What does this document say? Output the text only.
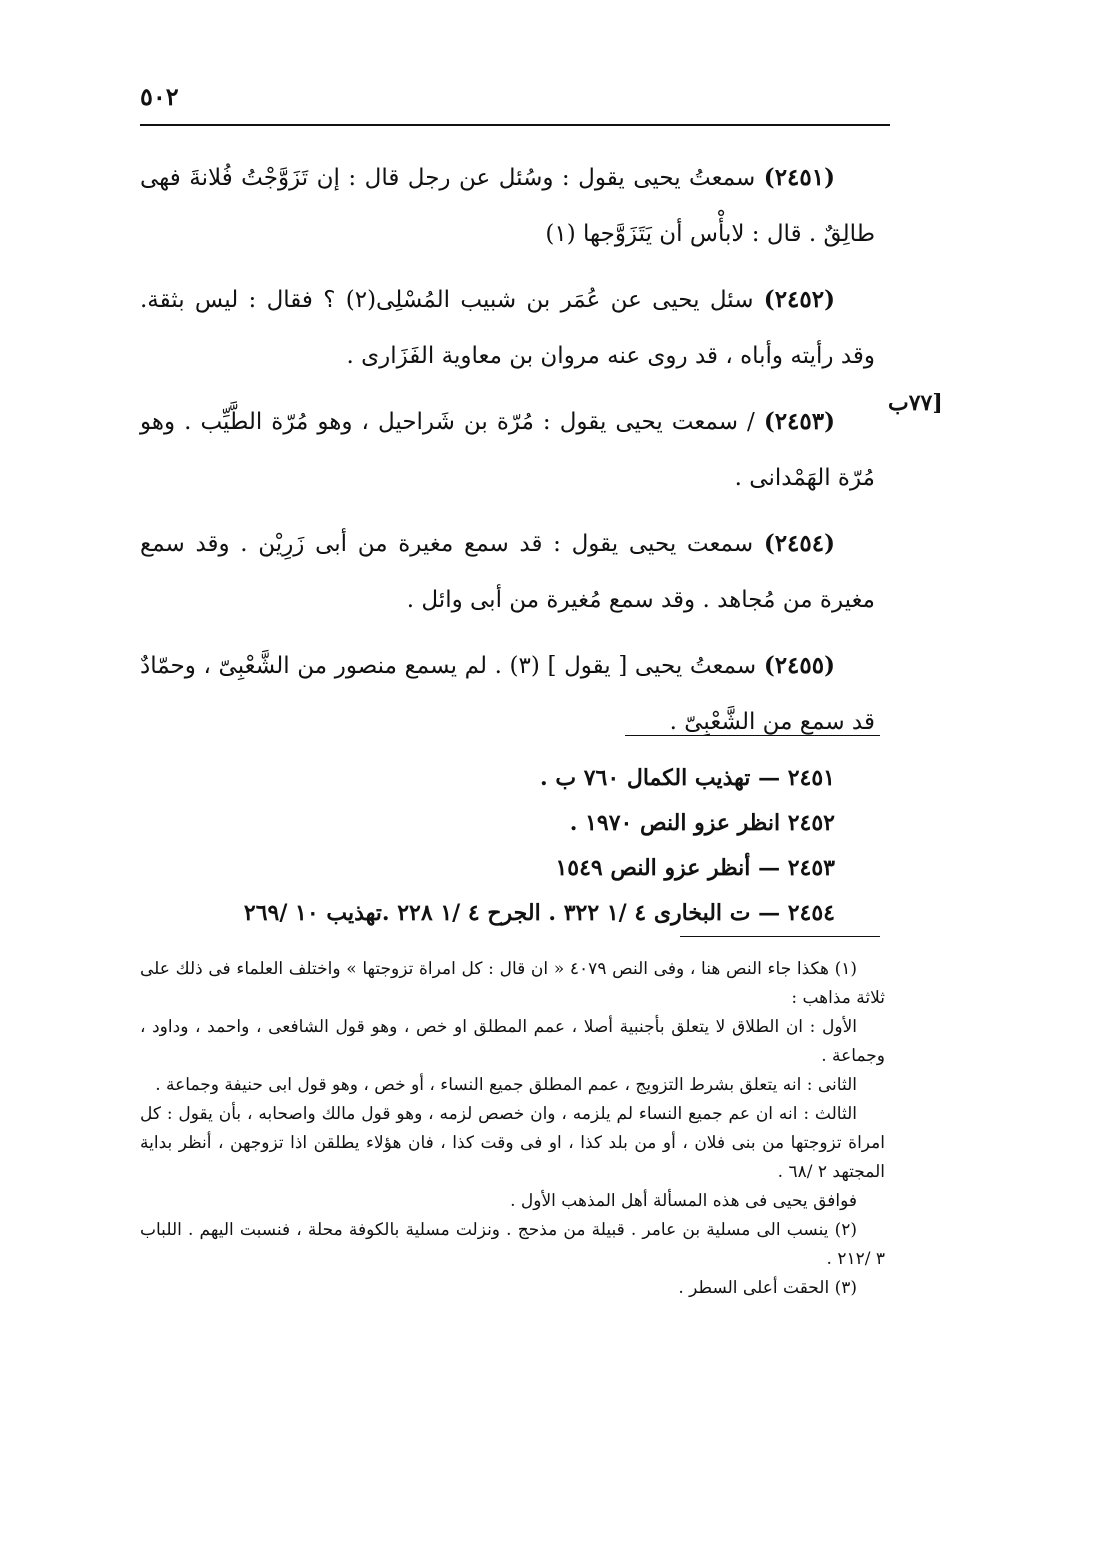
٥٠٢
[٧٧ب

(٢٤٥١) سمعتُ يحيى يقول : وسُئل عن رجل قال : إن تَزَوَّجْتُ فُلانةَ فهى طالِقٌ . قال : لابأْس أن يَتَزَوَّجها (١)

(٢٤٥٢) سئل يحيى عن عُمَر بن شبيب المُسْلِى(٢) ؟ فقال : ليس بثقة. وقد رأيته وأباه ، قد روى عنه مروان بن معاوية الفَزَارى .

(٢٤٥٣) / سمعت يحيى يقول : مُرّة بن شَراحيل ، وهو مُرّة الطَّيِّب . وهو مُرّة الهَمْدانى .

(٢٤٥٤) سمعت يحيى يقول : قد سمع مغيرة من أبى زَرِيْن . وقد سمع مغيرة من مُجاهد . وقد سمع مُغيرة من أبى وائل .

(٢٤٥٥) سمعتُ يحيى [ يقول ] (٣) . لم يسمع منصور من الشَّعْبِىّ ، وحمّادٌ قد سمع من الشَّعْبِىّ .

٢٤٥١ — تهذيب الكمال ٧٦٠ ب .
٢٤٥٢ انظر عزو النص ١٩٧٠ .
٢٤٥٣ — أنظر عزو النص ١٥٤٩
٢٤٥٤ — ت البخارى ٤ /١ ٣٢٢ . الجرح ٤ /١ ٢٢٨ .تهذيب ١٠ /٢٦٩

(١) هكذا جاء النص هنا ، وفى النص ٤٠٧٩ « ان قال : كل امراة تزوجتها » واختلف العلماء فى ذلك على ثلاثة مذاهب :

الأول : ان الطلاق لا يتعلق بأجنبية أصلا ، عمم المطلق او خص ، وهو قول الشافعى ، واحمد ، وداود ، وجماعة .

الثانى : انه يتعلق بشرط التزويج ، عمم المطلق جميع النساء ، أو خص ، وهو قول ابى حنيفة وجماعة .

الثالث : انه ان عم جميع النساء لم يلزمه ، وان خصص لزمه ، وهو قول مالك واصحابه ، بأن يقول : كل امراة تزوجتها من بنى فلان ، أو من بلد كذا ، او فى وقت كذا ، فان هؤلاء يطلقن اذا تزوجهن ، أنظر بداية المجتهد ٢ /٦٨ .

فوافق يحيى فى هذه المسألة أهل المذهب الأول .

(٢) ينسب الى مسلية بن عامر . قبيلة من مذحج . ونزلت مسلية بالكوفة محلة ، فنسبت اليهم . اللباب ٣ /٢١٢ .

(٣) الحقت أعلى السطر .
